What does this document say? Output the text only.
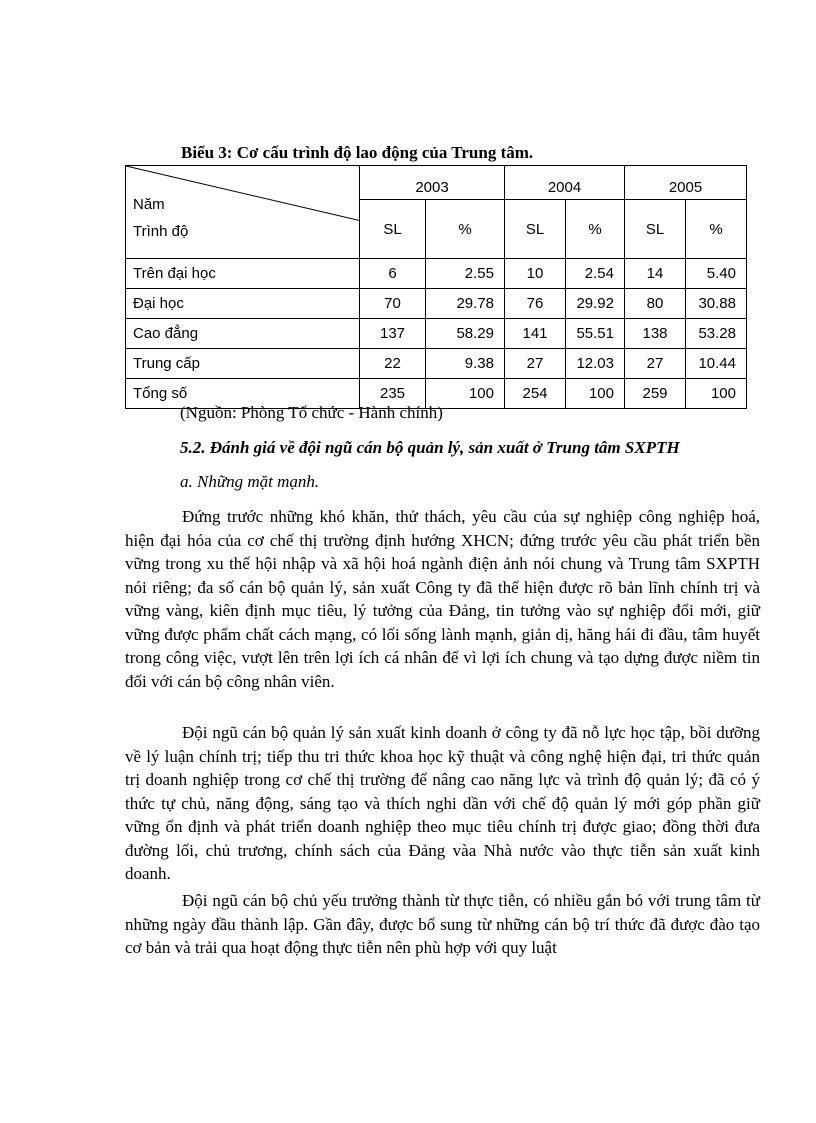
Biểu 3: Cơ cấu trình độ lao động của Trung tâm.
Năm
Trình độ	2003		2004		2005	
	SL	%	SL	%	SL	%
Trên đại học	6	2.55	10	2.54	14	5.40
Đại học	70	29.78	76	29.92	80	30.88
Cao đẳng	137	58.29	141	55.51	138	53.28
Trung cấp	22	9.38	27	12.03	27	10.44
Tổng số	235	100	254	100	259	100
(Nguồn: Phòng Tổ chức - Hành chính)
5.2. Đánh giá về đội ngũ cán bộ quản lý, sản xuất ở Trung tâm SXPTH
a. Những mặt mạnh.

Đứng trước những khó khăn, thử thách, yêu cầu của sự nghiệp công nghiệp hoá, hiện đại hóa của cơ chế thị trường định hướng XHCN; đứng trước yêu cầu phát triển bền vững trong xu thế hội nhập và xã hội hoá ngành điện ảnh nói chung và Trung tâm SXPTH nói riêng; đa số cán bộ quản lý, sản xuất Công ty đã thể hiện được rõ bản lĩnh chính trị và vững vàng, kiên định mục tiêu, lý tưởng của Đảng, tin tưởng vào sự nghiệp đổi mới, giữ vững được phẩm chất cách mạng, có lối sống lành mạnh, giản dị, hăng hái đi đầu, tâm huyết trong công việc, vượt lên trên lợi ích cá nhân để vì lợi ích chung và tạo dựng được niềm tin đối với cán bộ công nhân viên.

Đội ngũ cán bộ quản lý sản xuất kinh doanh ở công ty đã nỗ lực học tập, bồi dưỡng về lý luận chính trị; tiếp thu tri thức khoa học kỹ thuật và công nghệ hiện đại, tri thức quản trị doanh nghiệp trong cơ chế thị trường để nâng cao năng lực và trình độ quản lý; đã có ý thức tự chủ, năng động, sáng tạo và thích nghi dần với chế độ quản lý mới góp phần giữ vững ổn định và phát triển doanh nghiệp theo mục tiêu chính trị được giao; đồng thời đưa đường lối, chủ trương, chính sách của Đảng vàa Nhà nước vào thực tiễn sản xuất kinh doanh.

Đội ngũ cán bộ chủ yếu trưởng thành từ thực tiễn, có nhiều gắn bó với trung tâm từ những ngày đầu thành lập. Gần đây, được bổ sung từ những cán bộ trí thức đã được đào tạo cơ bản và trải qua hoạt động thực tiễn nên phù hợp với quy luật
